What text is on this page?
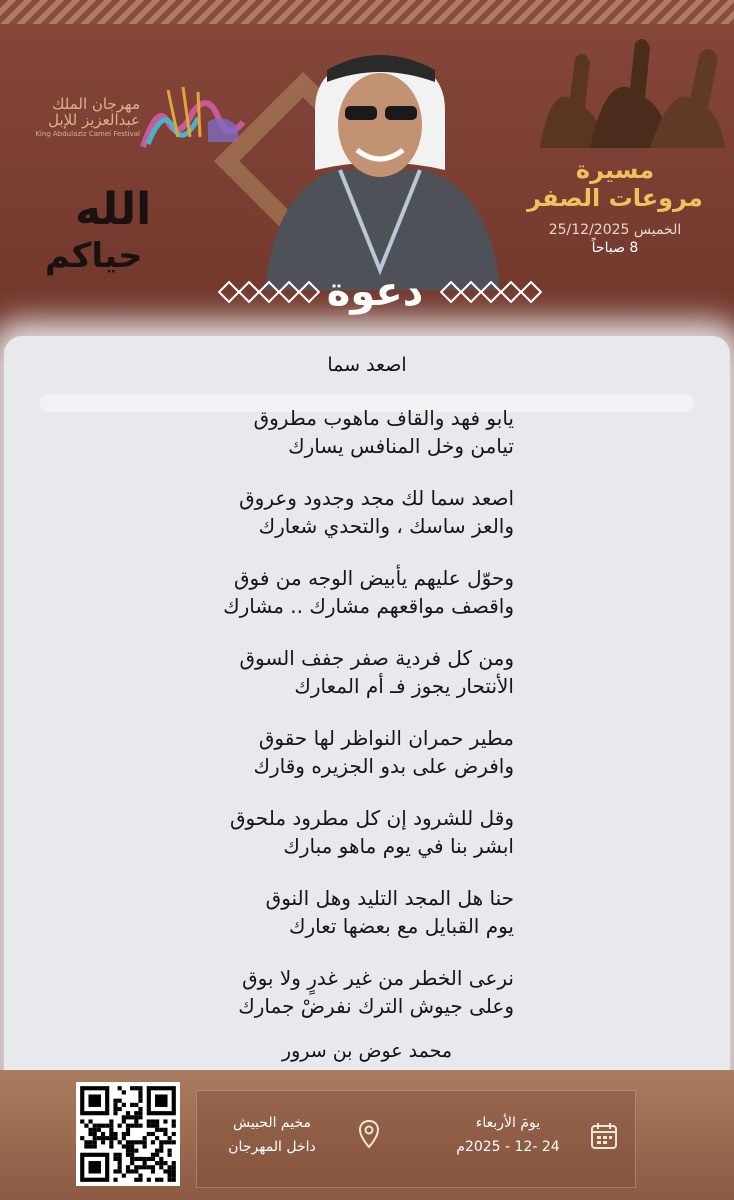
مهرجان الملك
عبدالعزيز للإبل
King Abdulaziz Camel Festival
الله
حياكم
مسيرة
مروعات الصفر
الخميس 25/12/2025
8 صباحاً
دعوة
اصعد سما
يابو فهد والقاف ماهوب مطروق
تيامن وخل المنافس يسارك
اصعد سما لك مجد وجدود وعروق
والعز ساسك ، والتحدي شعارك
وحوّل عليهم يأبيض الوجه من فوق
واقصف مواقعهم مشارك .. مشارك
ومن كل فردية صفر جفف السوق
الأنتحار يجوز فـ أم المعارك
مطير حمران النواظر لها حقوق
وافرض على بدو الجزيره وقارك
وقل للشرود إن كل مطرود ملحوق
ابشر بنا في يوم ماهو مبارك
حنا هل المجد التليد وهل النوق
يوم القبايل مع بعضها تعارك
نرعى الخطر من غير غدرٍ ولا بوق
وعلى جيوش الترك نفرضْ جمارك
محمد عوض بن سرور
مخيم الحبيش
داخل المهرجان
يومَ الأربعاء
24 -12 - 2025م
